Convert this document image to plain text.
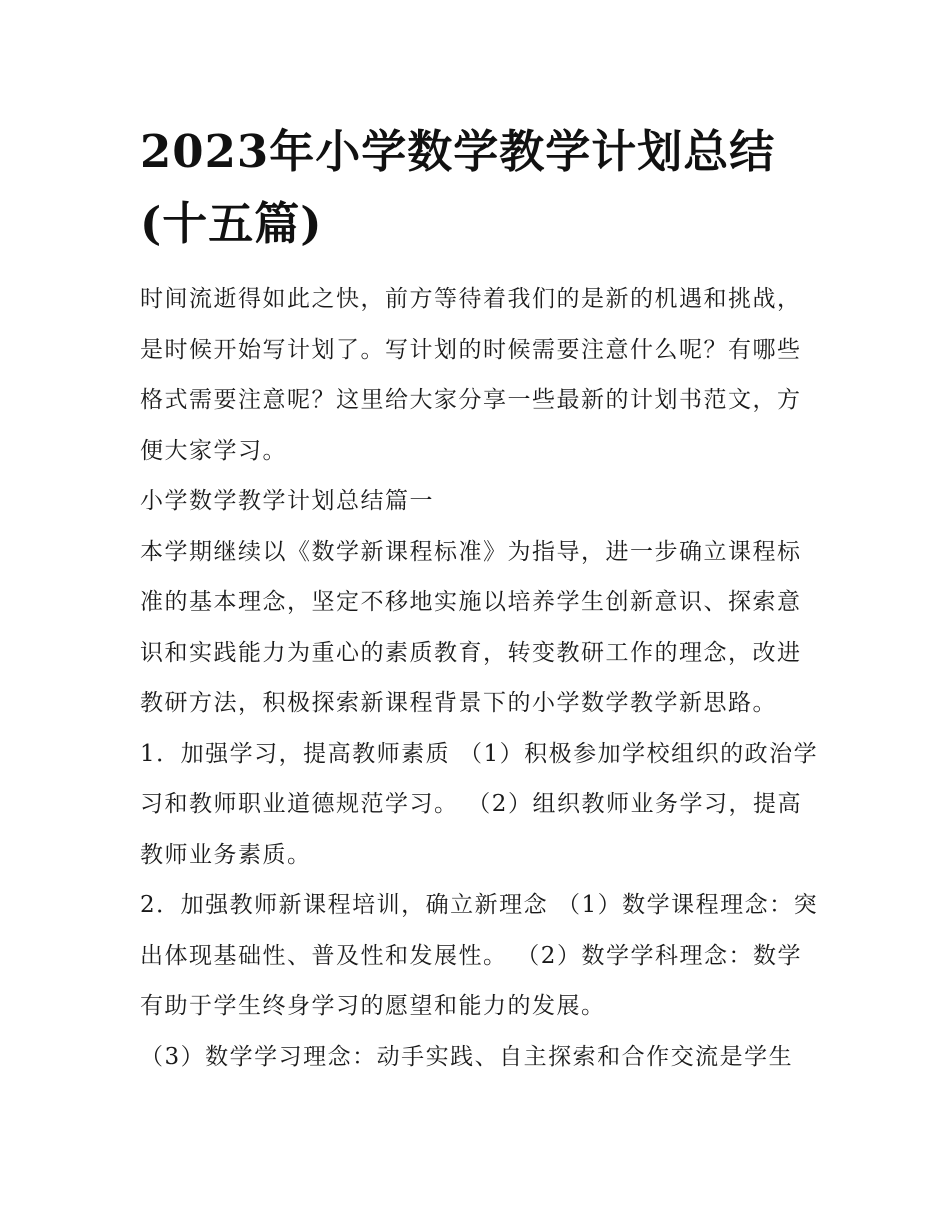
2023年小学数学教学计划总结(十五篇)

时间流逝得如此之快，前方等待着我们的是新的机遇和挑战，是时候开始写计划了。写计划的时候需要注意什么呢？有哪些格式需要注意呢？这里给大家分享一些最新的计划书范文，方便大家学习。

小学数学教学计划总结篇一

本学期继续以《数学新课程标准》为指导，进一步确立课程标准的基本理念，坚定不移地实施以培养学生创新意识、探索意识和实践能力为重心的素质教育，转变教研工作的理念，改进教研方法，积极探索新课程背景下的小学数学教学新思路。

1．加强学习，提高教师素质 （1）积极参加学校组织的政治学习和教师职业道德规范学习。 （2）组织教师业务学习，提高教师业务素质。

2．加强教师新课程培训，确立新理念 （1）数学课程理念：突出体现基础性、普及性和发展性。 （2）数学学科理念：数学有助于学生终身学习的愿望和能力的发展。

（3）数学学习理念：动手实践、自主探索和合作交流是学生
